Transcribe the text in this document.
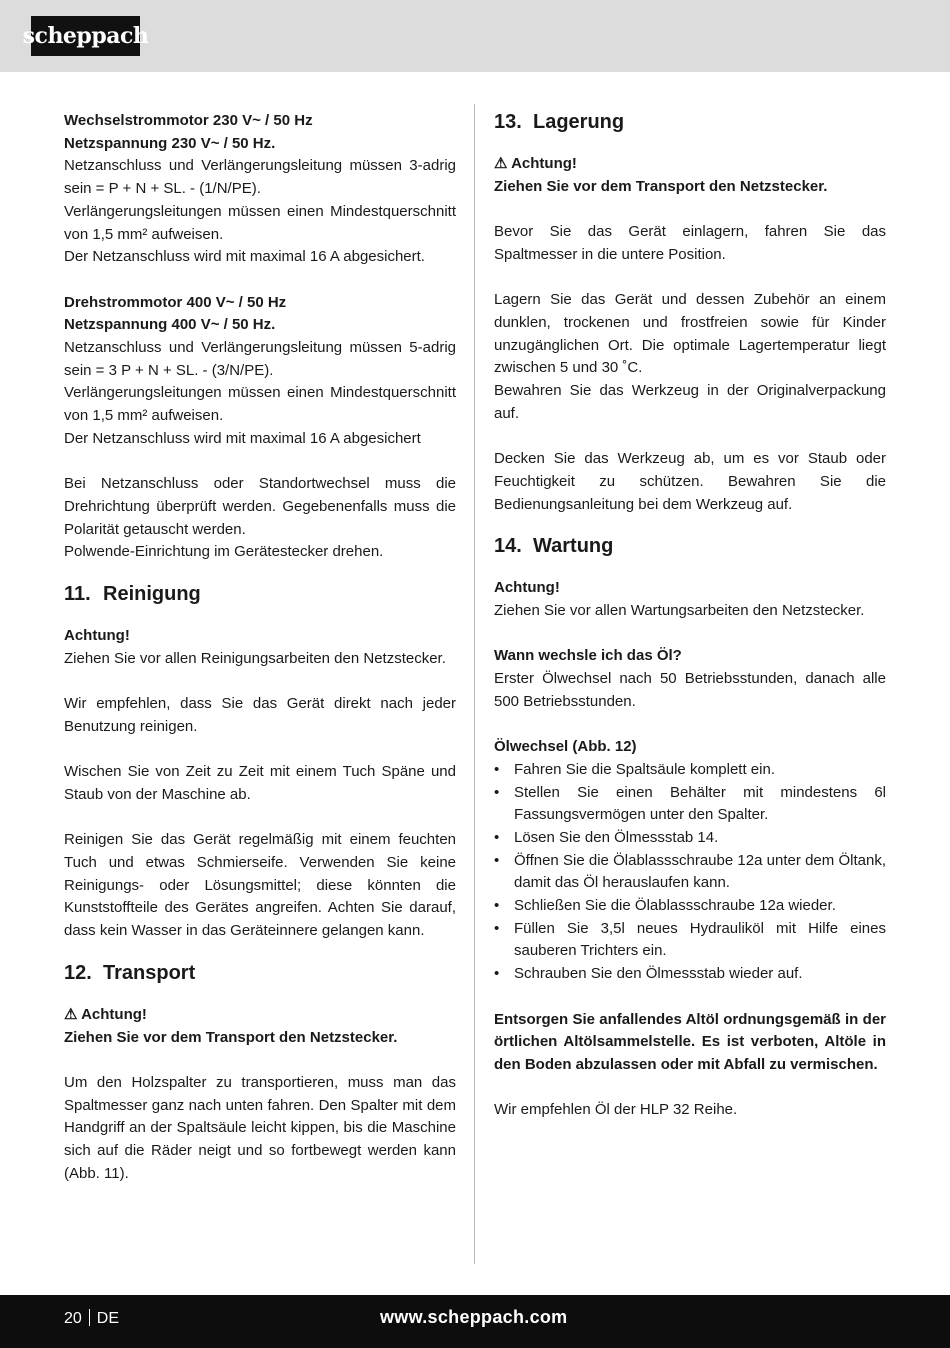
scheppach

Wechselstrommotor 230 V~ / 50 Hz

Netzspannung 230 V~ / 50 Hz.

Netzanschluss und Verlängerungsleitung müssen 3-adrig sein = P + N + SL. - (1/N/PE).

Verlängerungsleitungen müssen einen Mindestquerschnitt von 1,5 mm² aufweisen.

Der Netzanschluss wird mit maximal 16 A abgesichert.

Drehstrommotor 400 V~ / 50 Hz

Netzspannung 400 V~ / 50 Hz.

Netzanschluss und Verlängerungsleitung müssen 5-adrig sein = 3 P + N + SL. - (3/N/PE).

Verlängerungsleitungen müssen einen Mindestquerschnitt von 1,5 mm² aufweisen.

Der Netzanschluss wird mit maximal 16 A abgesichert

Bei Netzanschluss oder Standortwechsel muss die Drehrichtung überprüft werden. Gegebenenfalls muss die Polarität getauscht werden.

Polwende-Einrichtung im Gerätestecker drehen.

11. Reinigung

Achtung!

Ziehen Sie vor allen Reinigungsarbeiten den Netzstecker.

Wir empfehlen, dass Sie das Gerät direkt nach jeder Benutzung reinigen.

Wischen Sie von Zeit zu Zeit mit einem Tuch Späne und Staub von der Maschine ab.

Reinigen Sie das Gerät regelmäßig mit einem feuchten Tuch und etwas Schmierseife. Verwenden Sie keine Reinigungs- oder Lösungsmittel; diese könnten die Kunststoffteile des Gerätes angreifen. Achten Sie darauf, dass kein Wasser in das Geräteinnere gelangen kann.

12. Transport

⚠ Achtung!

Ziehen Sie vor dem Transport den Netzstecker.

Um den Holzspalter zu transportieren, muss man das Spaltmesser ganz nach unten fahren. Den Spalter mit dem Handgriff an der Spaltsäule leicht kippen, bis die Maschine sich auf die Räder neigt und so fortbewegt werden kann (Abb. 11).

13. Lagerung

⚠ Achtung!

Ziehen Sie vor dem Transport den Netzstecker.

Bevor Sie das Gerät einlagern, fahren Sie das Spaltmesser in die untere Position.

Lagern Sie das Gerät und dessen Zubehör an einem dunklen, trockenen und frostfreien sowie für Kinder unzugänglichen Ort. Die optimale Lagertemperatur liegt zwischen 5 und 30 ˚C.

Bewahren Sie das Werkzeug in der Originalverpackung auf.

Decken Sie das Werkzeug ab, um es vor Staub oder Feuchtigkeit zu schützen. Bewahren Sie die Bedienungsanleitung bei dem Werkzeug auf.

14. Wartung

Achtung!

Ziehen Sie vor allen Wartungsarbeiten den Netzstecker.

Wann wechsle ich das Öl?

Erster Ölwechsel nach 50 Betriebsstunden, danach alle 500 Betriebsstunden.

Ölwechsel (Abb. 12)

• Fahren Sie die Spaltsäule komplett ein.
• Stellen Sie einen Behälter mit mindestens 6l Fassungsvermögen unter den Spalter.
• Lösen Sie den Ölmessstab 14.
• Öffnen Sie die Ölablassschraube 12a unter dem Öltank, damit das Öl herauslaufen kann.
• Schließen Sie die Ölablassschraube 12a wieder.
• Füllen Sie 3,5l neues Hydrauliköl mit Hilfe eines sauberen Trichters ein.
• Schrauben Sie den Ölmessstab wieder auf.

Entsorgen Sie anfallendes Altöl ordnungsgemäß in der örtlichen Altölsammelstelle. Es ist verboten, Altöle in den Boden abzulassen oder mit Abfall zu vermischen.

Wir empfehlen Öl der HLP 32 Reihe.

20 DE	www.scheppach.com
